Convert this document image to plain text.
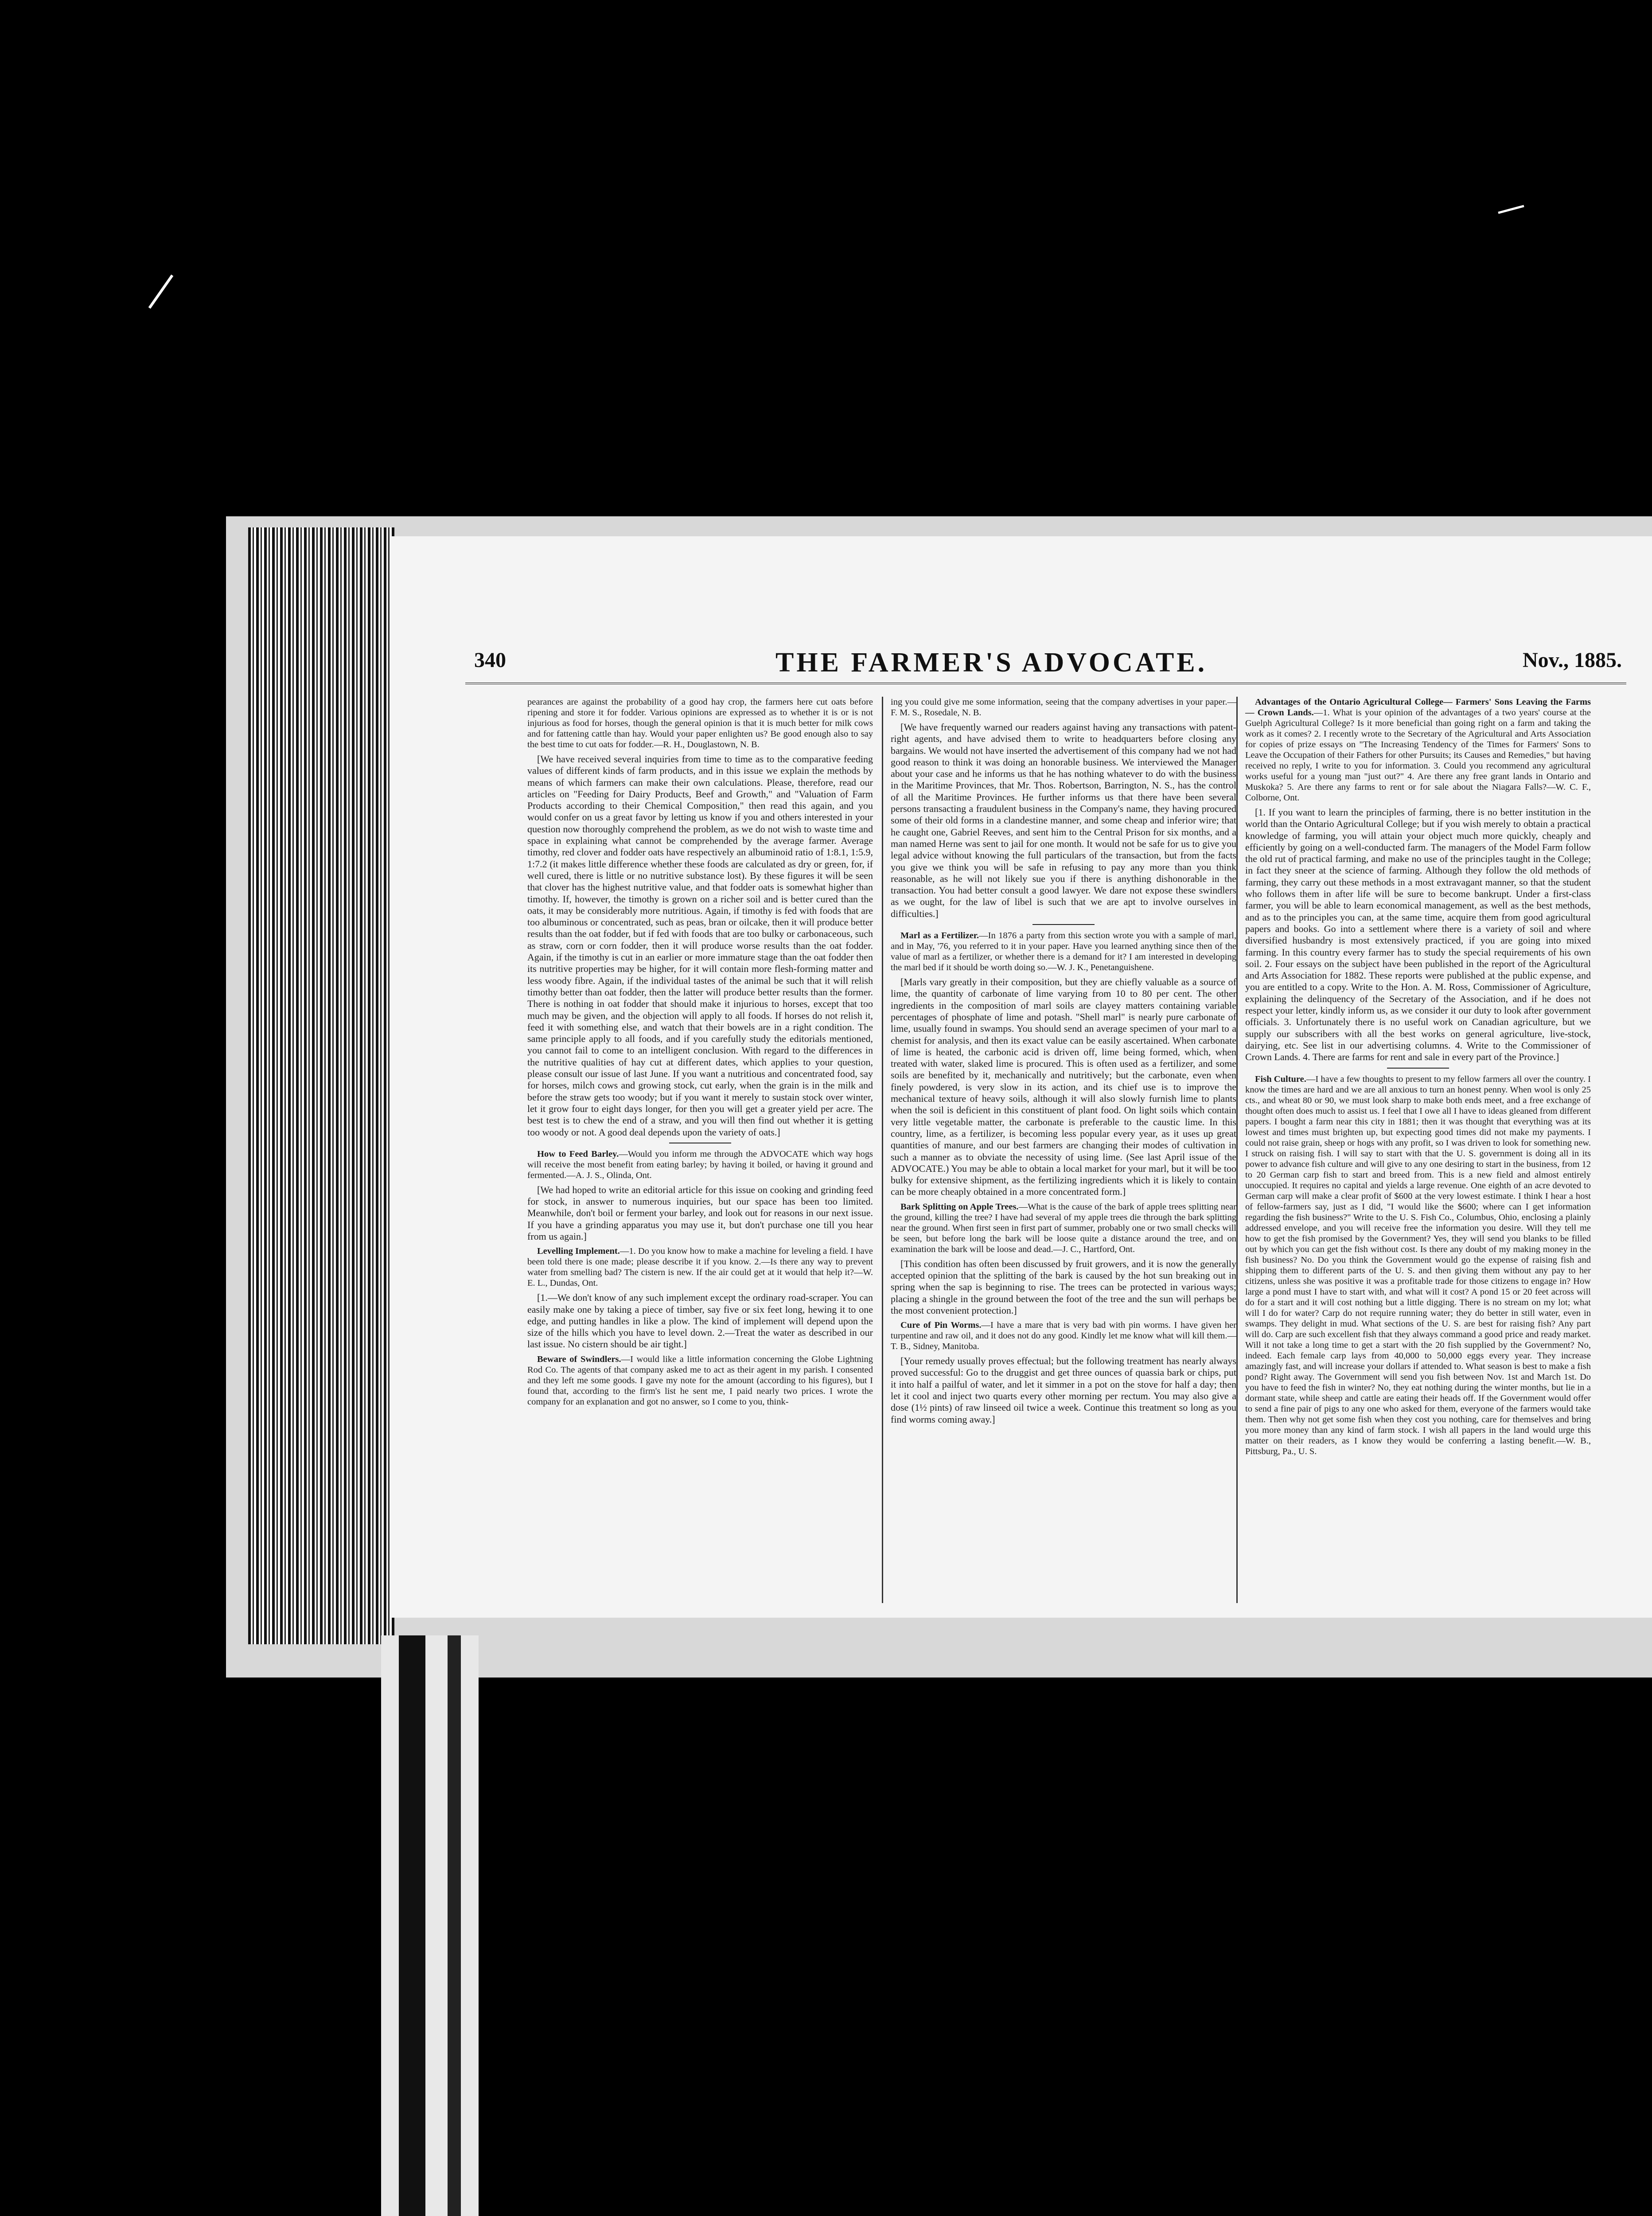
340	THE FARMER'S ADVOCATE.	Nov., 1885.

pearances are against the probability of a good hay crop, the farmers here cut oats before ripening and store it for fodder. Various opinions are expressed as to whether it is or is not injurious as food for horses, though the general opinion is that it is much better for milk cows and for fattening cattle than hay. Would your paper enlighten us? Be good enough also to say the best time to cut oats for fodder.—R. H., Douglastown, N. B.

[We have received several inquiries from time to time as to the comparative feeding values of different kinds of farm products, and in this issue we explain the methods by means of which farmers can make their own calculations. Please, therefore, read our articles on "Feeding for Dairy Products, Beef and Growth," and "Valuation of Farm Products according to their Chemical Composition," then read this again, and you would confer on us a great favor by letting us know if you and others interested in your question now thoroughly comprehend the problem, as we do not wish to waste time and space in explaining what cannot be comprehended by the average farmer. Average timothy, red clover and fodder oats have respectively an albuminoid ratio of 1:8.1, 1:5.9, 1:7.2 (it makes little difference whether these foods are calculated as dry or green, for, if well cured, there is little or no nutritive substance lost). By these figures it will be seen that clover has the highest nutritive value, and that fodder oats is somewhat higher than timothy. If, however, the timothy is grown on a richer soil and is better cured than the oats, it may be considerably more nutritious. Again, if timothy is fed with foods that are too albuminous or concentrated, such as peas, bran or oilcake, then it will produce better results than the oat fodder, but if fed with foods that are too bulky or carbonaceous, such as straw, corn or corn fodder, then it will produce worse results than the oat fodder. Again, if the timothy is cut in an earlier or more immature stage than the oat fodder then its nutritive properties may be higher, for it will contain more flesh-forming matter and less woody fibre. Again, if the individual tastes of the animal be such that it will relish timothy better than oat fodder, then the latter will produce better results than the former. There is nothing in oat fodder that should make it injurious to horses, except that too much may be given, and the objection will apply to all foods. If horses do not relish it, feed it with something else, and watch that their bowels are in a right condition. The same principle apply to all foods, and if you carefully study the editorials mentioned, you cannot fail to come to an intelligent conclusion. With regard to the differences in the nutritive qualities of hay cut at different dates, which applies to your question, please consult our issue of last June. If you want a nutritious and concentrated food, say for horses, milch cows and growing stock, cut early, when the grain is in the milk and before the straw gets too woody; but if you want it merely to sustain stock over winter, let it grow four to eight days longer, for then you will get a greater yield per acre. The best test is to chew the end of a straw, and you will then find out whether it is getting too woody or not. A good deal depends upon the variety of oats.]

How to Feed Barley.—Would you inform me through the ADVOCATE which way hogs will receive the most benefit from eating barley; by having it boiled, or having it ground and fermented.—A. J. S., Olinda, Ont.

[We had hoped to write an editorial article for this issue on cooking and grinding feed for stock, in answer to numerous inquiries, but our space has been too limited. Meanwhile, don't boil or ferment your barley, and look out for reasons in our next issue. If you have a grinding apparatus you may use it, but don't purchase one till you hear from us again.]

Levelling Implement.—1. Do you know how to make a machine for leveling a field. I have been told there is one made; please describe it if you know. 2.—Is there any way to prevent water from smelling bad? The cistern is new. If the air could get at it would that help it?—W. E. L., Dundas, Ont.

[1.—We don't know of any such implement except the ordinary road-scraper. You can easily make one by taking a piece of timber, say five or six feet long, hewing it to one edge, and putting handles in like a plow. The kind of implement will depend upon the size of the hills which you have to level down. 2.—Treat the water as described in our last issue. No cistern should be air tight.]

Beware of Swindlers.—I would like a little information concerning the Globe Lightning Rod Co. The agents of that company asked me to act as their agent in my parish. I consented and they left me some goods. I gave my note for the amount (according to his figures), but I found that, according to the firm's list he sent me, I paid nearly two prices. I wrote the company for an explanation and got no answer, so I come to you, think-

ing you could give me some information, seeing that the company advertises in your paper.—F. M. S., Rosedale, N. B.

[We have frequently warned our readers against having any transactions with patent-right agents, and have advised them to write to headquarters before closing any bargains. We would not have inserted the advertisement of this company had we not had good reason to think it was doing an honorable business. We interviewed the Manager about your case and he informs us that he has nothing whatever to do with the business in the Maritime Provinces, that Mr. Thos. Robertson, Barrington, N. S., has the control of all the Maritime Provinces. He further informs us that there have been several persons transacting a fraudulent business in the Company's name, they having procured some of their old forms in a clandestine manner, and some cheap and inferior wire; that he caught one, Gabriel Reeves, and sent him to the Central Prison for six months, and a man named Herne was sent to jail for one month. It would not be safe for us to give you legal advice without knowing the full particulars of the transaction, but from the facts you give we think you will be safe in refusing to pay any more than you think reasonable, as he will not likely sue you if there is anything dishonorable in the transaction. You had better consult a good lawyer. We dare not expose these swindlers as we ought, for the law of libel is such that we are apt to involve ourselves in difficulties.]

Marl as a Fertilizer.—In 1876 a party from this section wrote you with a sample of marl, and in May, '76, you referred to it in your paper. Have you learned anything since then of the value of marl as a fertilizer, or whether there is a demand for it? I am interested in developing the marl bed if it should be worth doing so.—W. J. K., Penetanguishene.

[Marls vary greatly in their composition, but they are chiefly valuable as a source of lime, the quantity of carbonate of lime varying from 10 to 80 per cent. The other ingredients in the composition of marl soils are clayey matters containing variable percentages of phosphate of lime and potash. "Shell marl" is nearly pure carbonate of lime, usually found in swamps. You should send an average specimen of your marl to a chemist for analysis, and then its exact value can be easily ascertained. When carbonate of lime is heated, the carbonic acid is driven off, lime being formed, which, when treated with water, slaked lime is procured. This is often used as a fertilizer, and some soils are benefited by it, mechanically and nutritively; but the carbonate, even when finely powdered, is very slow in its action, and its chief use is to improve the mechanical texture of heavy soils, although it will also slowly furnish lime to plants when the soil is deficient in this constituent of plant food. On light soils which contain very little vegetable matter, the carbonate is preferable to the caustic lime. In this country, lime, as a fertilizer, is becoming less popular every year, as it uses up great quantities of manure, and our best farmers are changing their modes of cultivation in such a manner as to obviate the necessity of using lime. (See last April issue of the ADVOCATE.) You may be able to obtain a local market for your marl, but it will be too bulky for extensive shipment, as the fertilizing ingredients which it is likely to contain can be more cheaply obtained in a more concentrated form.]

Bark Splitting on Apple Trees.—What is the cause of the bark of apple trees splitting near the ground, killing the tree? I have had several of my apple trees die through the bark splitting near the ground. When first seen in first part of summer, probably one or two small checks will be seen, but before long the bark will be loose quite a distance around the tree, and on examination the bark will be loose and dead.—J. C., Hartford, Ont.

[This condition has often been discussed by fruit growers, and it is now the generally accepted opinion that the splitting of the bark is caused by the hot sun breaking out in spring when the sap is beginning to rise. The trees can be protected in various ways; placing a shingle in the ground between the foot of the tree and the sun will perhaps be the most convenient protection.]

Cure of Pin Worms.—I have a mare that is very bad with pin worms. I have given her turpentine and raw oil, and it does not do any good. Kindly let me know what will kill them.—T. B., Sidney, Manitoba.

[Your remedy usually proves effectual; but the following treatment has nearly always proved successful: Go to the druggist and get three ounces of quassia bark or chips, put it into half a pailful of water, and let it simmer in a pot on the stove for half a day; then let it cool and inject two quarts every other morning per rectum. You may also give a dose (1½ pints) of raw linseed oil twice a week. Continue this treatment so long as you find worms coming away.]

Advantages of the Ontario Agricultural College— Farmers' Sons Leaving the Farms— Crown Lands.—1. What is your opinion of the advantages of a two years' course at the Guelph Agricultural College? Is it more beneficial than going right on a farm and taking the work as it comes? 2. I recently wrote to the Secretary of the Agricultural and Arts Association for copies of prize essays on "The Increasing Tendency of the Times for Farmers' Sons to Leave the Occupation of their Fathers for other Pursuits; its Causes and Remedies," but having received no reply, I write to you for information. 3. Could you recommend any agricultural works useful for a young man "just out?" 4. Are there any free grant lands in Ontario and Muskoka? 5. Are there any farms to rent or for sale about the Niagara Falls?—W. C. F., Colborne, Ont.

[1. If you want to learn the principles of farming, there is no better institution in the world than the Ontario Agricultural College; but if you wish merely to obtain a practical knowledge of farming, you will attain your object much more quickly, cheaply and efficiently by going on a well-conducted farm. The managers of the Model Farm follow the old rut of practical farming, and make no use of the principles taught in the College; in fact they sneer at the science of farming. Although they follow the old methods of farming, they carry out these methods in a most extravagant manner, so that the student who follows them in after life will be sure to become bankrupt. Under a first-class farmer, you will be able to learn economical management, as well as the best methods, and as to the principles you can, at the same time, acquire them from good agricultural papers and books. Go into a settlement where there is a variety of soil and where diversified husbandry is most extensively practiced, if you are going into mixed farming. In this country every farmer has to study the special requirements of his own soil. 2. Four essays on the subject have been published in the report of the Agricultural and Arts Association for 1882. These reports were published at the public expense, and you are entitled to a copy. Write to the Hon. A. M. Ross, Commissioner of Agriculture, explaining the delinquency of the Secretary of the Association, and if he does not respect your letter, kindly inform us, as we consider it our duty to look after government officials. 3. Unfortunately there is no useful work on Canadian agriculture, but we supply our subscribers with all the best works on general agriculture, live-stock, dairying, etc. See list in our advertising columns. 4. Write to the Commissioner of Crown Lands. 4. There are farms for rent and sale in every part of the Province.]

Fish Culture.—I have a few thoughts to present to my fellow farmers all over the country. I know the times are hard and we are all anxious to turn an honest penny. When wool is only 25 cts., and wheat 80 or 90, we must look sharp to make both ends meet, and a free exchange of thought often does much to assist us. I feel that I owe all I have to ideas gleaned from different papers. I bought a farm near this city in 1881; then it was thought that everything was at its lowest and times must brighten up, but expecting good times did not make my payments. I could not raise grain, sheep or hogs with any profit, so I was driven to look for something new. I struck on raising fish. I will say to start with that the U. S. government is doing all in its power to advance fish culture and will give to any one desiring to start in the business, from 12 to 20 German carp fish to start and breed from. This is a new field and almost entirely unoccupied. It requires no capital and yields a large revenue. One eighth of an acre devoted to German carp will make a clear profit of $600 at the very lowest estimate. I think I hear a host of fellow-farmers say, just as I did, "I would like the $600; where can I get information regarding the fish business?" Write to the U. S. Fish Co., Columbus, Ohio, enclosing a plainly addressed envelope, and you will receive free the information you desire. Will they tell me how to get the fish promised by the Government? Yes, they will send you blanks to be filled out by which you can get the fish without cost. Is there any doubt of my making money in the fish business? No. Do you think the Government would go the expense of raising fish and shipping them to different parts of the U. S. and then giving them without any pay to her citizens, unless she was positive it was a profitable trade for those citizens to engage in? How large a pond must I have to start with, and what will it cost? A pond 15 or 20 feet across will do for a start and it will cost nothing but a little digging. There is no stream on my lot; what will I do for water? Carp do not require running water; they do better in still water, even in swamps. They delight in mud. What sections of the U. S. are best for raising fish? Any part will do. Carp are such excellent fish that they always command a good price and ready market. Will it not take a long time to get a start with the 20 fish supplied by the Government? No, indeed. Each female carp lays from 40,000 to 50,000 eggs every year. They increase amazingly fast, and will increase your dollars if attended to. What season is best to make a fish pond? Right away. The Government will send you fish between Nov. 1st and March 1st. Do you have to feed the fish in winter? No, they eat nothing during the winter months, but lie in a dormant state, while sheep and cattle are eating their heads off. If the Government would offer to send a fine pair of pigs to any one who asked for them, everyone of the farmers would take them. Then why not get some fish when they cost you nothing, care for themselves and bring you more money than any kind of farm stock. I wish all papers in the land would urge this matter on their readers, as I know they would be conferring a lasting benefit.—W. B., Pittsburg, Pa., U. S.
